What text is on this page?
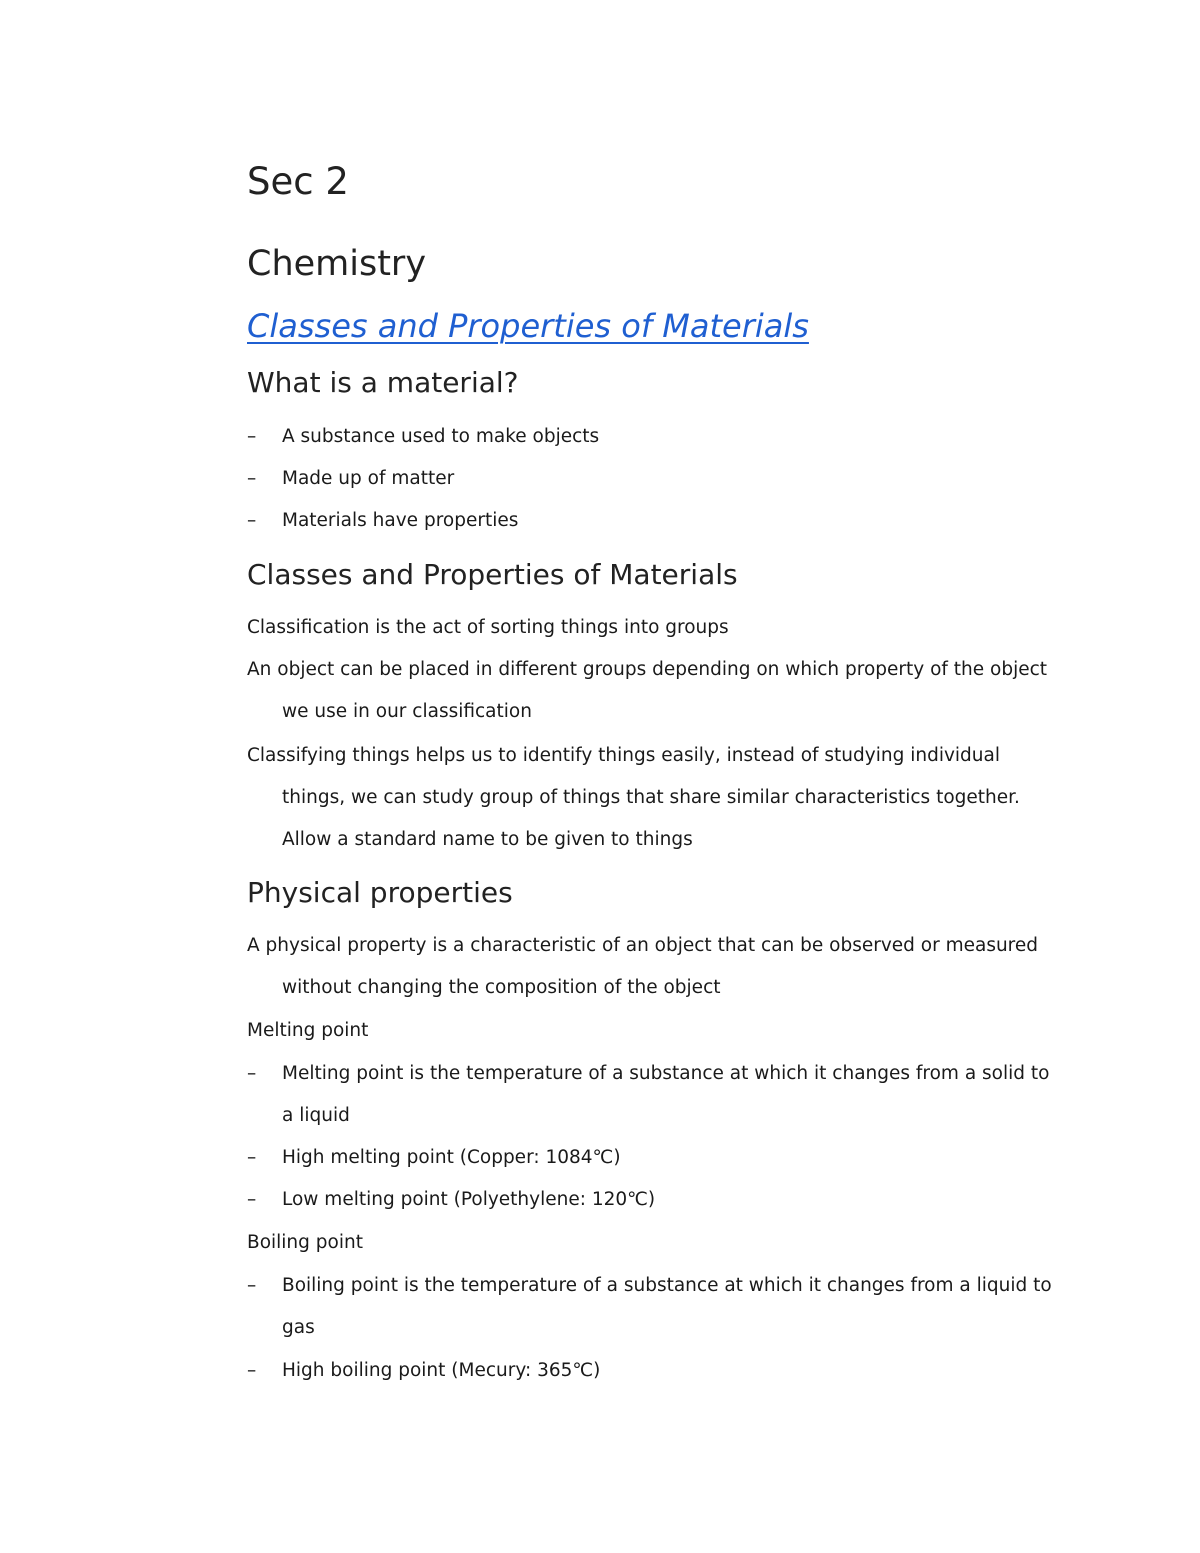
Sec 2
Chemistry
Classes and Properties of Materials
What is a material?
– A substance used to make objects
– Made up of matter
– Materials have properties
Classes and Properties of Materials
Classification is the act of sorting things into groups
An object can be placed in different groups depending on which property of the object
we use in our classification
Classifying things helps us to identify things easily, instead of studying individual
things, we can study group of things that share similar characteristics together.
Allow a standard name to be given to things
Physical properties
A physical property is a characteristic of an object that can be observed or measured
without changing the composition of the object
Melting point
– Melting point is the temperature of a substance at which it changes from a solid to
a liquid
– High melting point (Copper: 1084℃)
– Low melting point (Polyethylene: 120℃)
Boiling point
– Boiling point is the temperature of a substance at which it changes from a liquid to
gas
– High boiling point (Mecury: 365℃)
